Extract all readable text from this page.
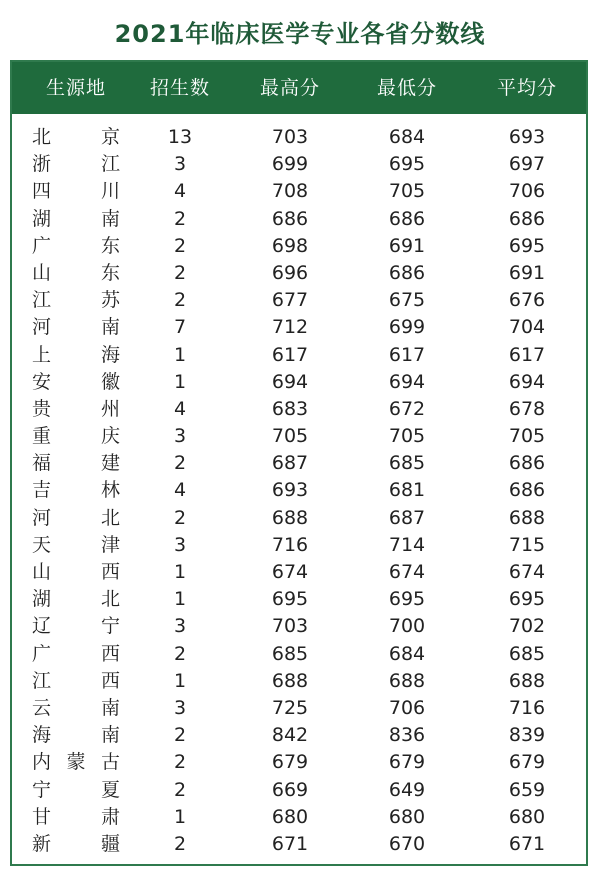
2021年临床医学专业各省分数线
生源地	招生数	最高分	最低分	平均分
北京	13	703	684	693
浙江	3	699	695	697
四川	4	708	705	706
湖南	2	686	686	686
广东	2	698	691	695
山东	2	696	686	691
江苏	2	677	675	676
河南	7	712	699	704
上海	1	617	617	617
安徽	1	694	694	694
贵州	4	683	672	678
重庆	3	705	705	705
福建	2	687	685	686
吉林	4	693	681	686
河北	2	688	687	688
天津	3	716	714	715
山西	1	674	674	674
湖北	1	695	695	695
辽宁	3	703	700	702
广西	2	685	684	685
江西	1	688	688	688
云南	3	725	706	716
海南	2	842	836	839
内蒙古	2	679	679	679
宁夏	2	669	649	659
甘肃	1	680	680	680
新疆	2	671	670	671
